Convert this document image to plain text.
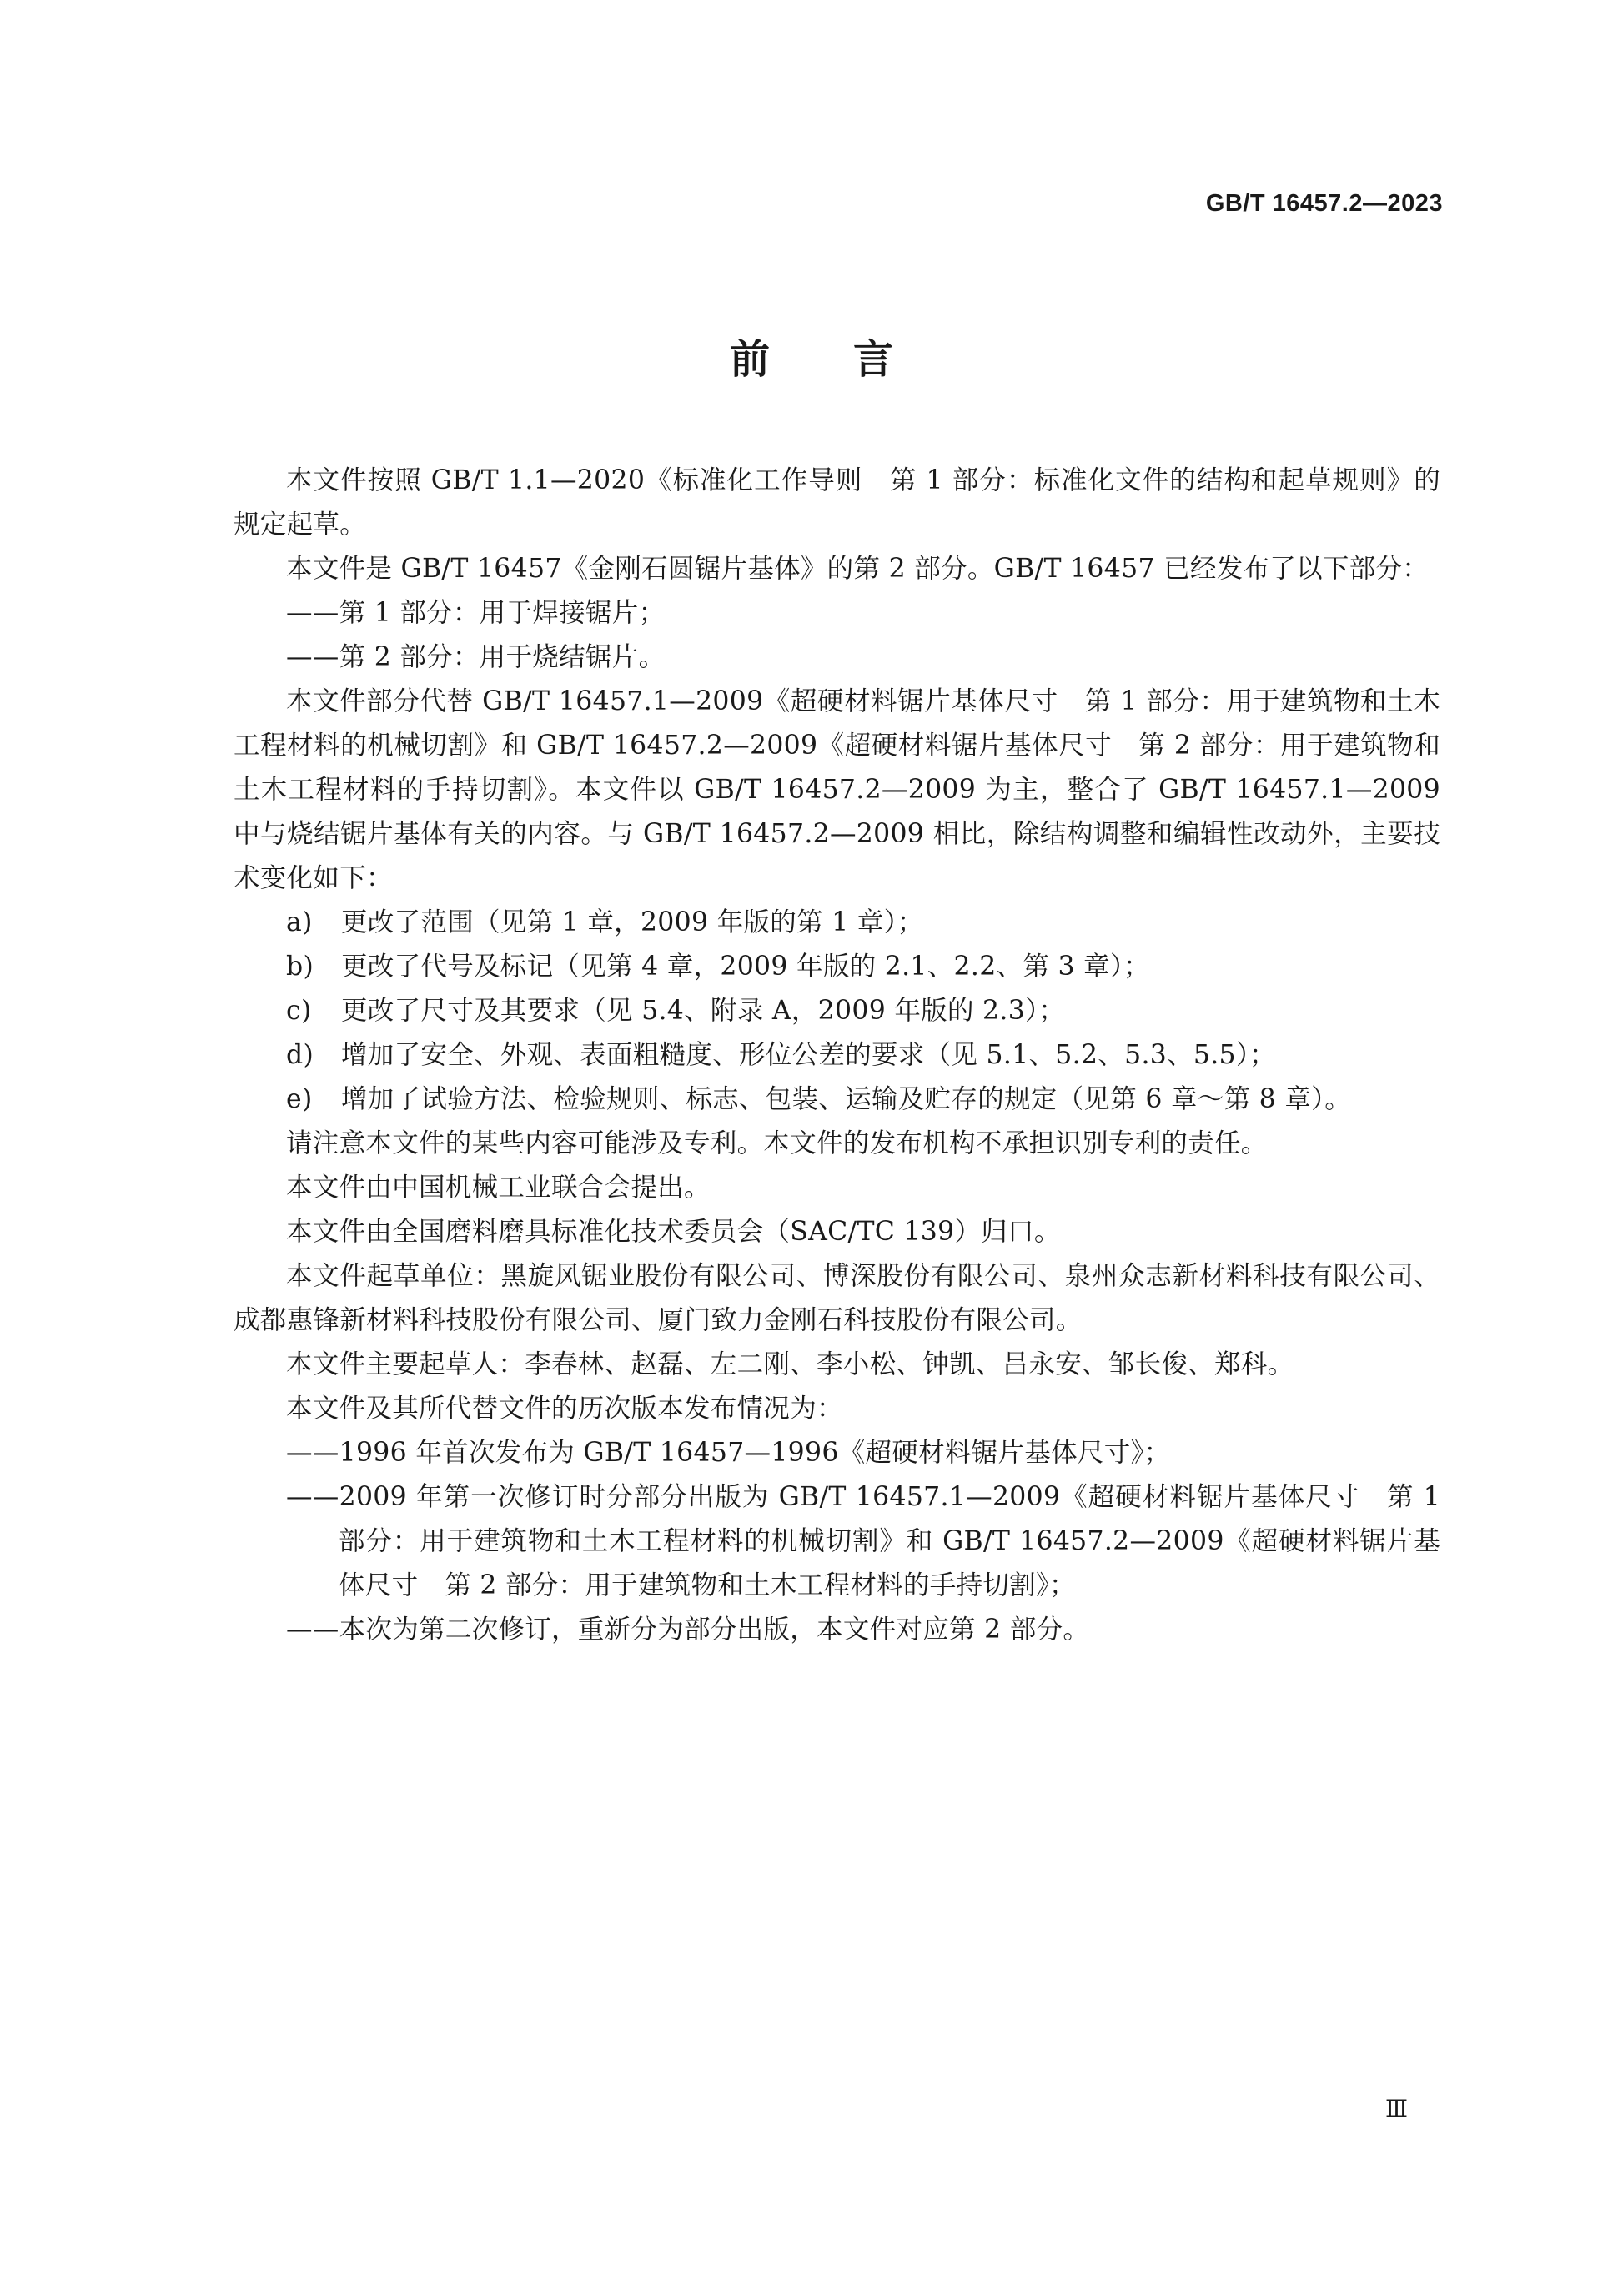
GB/T 16457.2—2023

前言

本文件按照 GB/T 1.1—2020《标准化工作导则　第 1 部分：标准化文件的结构和起草规则》的规定起草。

本文件是 GB/T 16457《金刚石圆锯片基体》的第 2 部分。GB/T 16457 已经发布了以下部分：

——第 1 部分：用于焊接锯片；

——第 2 部分：用于烧结锯片。

本文件部分代替 GB/T 16457.1—2009《超硬材料锯片基体尺寸　第 1 部分：用于建筑物和土木工程材料的机械切割》和 GB/T 16457.2—2009《超硬材料锯片基体尺寸　第 2 部分：用于建筑物和土木工程材料的手持切割》。本文件以 GB/T 16457.2—2009 为主，整合了 GB/T 16457.1—2009 中与烧结锯片基体有关的内容。与 GB/T 16457.2—2009 相比，除结构调整和编辑性改动外，主要技术变化如下：

a) 更改了范围（见第 1 章，2009 年版的第 1 章）；

b) 更改了代号及标记（见第 4 章，2009 年版的 2.1、2.2、第 3 章）；

c) 更改了尺寸及其要求（见 5.4、附录 A，2009 年版的 2.3）；

d) 增加了安全、外观、表面粗糙度、形位公差的要求（见 5.1、5.2、5.3、5.5）；

e) 增加了试验方法、检验规则、标志、包装、运输及贮存的规定（见第 6 章～第 8 章）。

请注意本文件的某些内容可能涉及专利。本文件的发布机构不承担识别专利的责任。

本文件由中国机械工业联合会提出。

本文件由全国磨料磨具标准化技术委员会（SAC/TC 139）归口。

本文件起草单位：黑旋风锯业股份有限公司、博深股份有限公司、泉州众志新材料科技有限公司、成都惠锋新材料科技股份有限公司、厦门致力金刚石科技股份有限公司。

本文件主要起草人：李春林、赵磊、左二刚、李小松、钟凯、吕永安、邹长俊、郑科。

本文件及其所代替文件的历次版本发布情况为：

——1996 年首次发布为 GB/T 16457—1996《超硬材料锯片基体尺寸》；

——2009 年第一次修订时分部分出版为 GB/T 16457.1—2009《超硬材料锯片基体尺寸　第 1 部分：用于建筑物和土木工程材料的机械切割》和 GB/T 16457.2—2009《超硬材料锯片基体尺寸　第 2 部分：用于建筑物和土木工程材料的手持切割》；

——本次为第二次修订，重新分为部分出版，本文件对应第 2 部分。

Ⅲ
